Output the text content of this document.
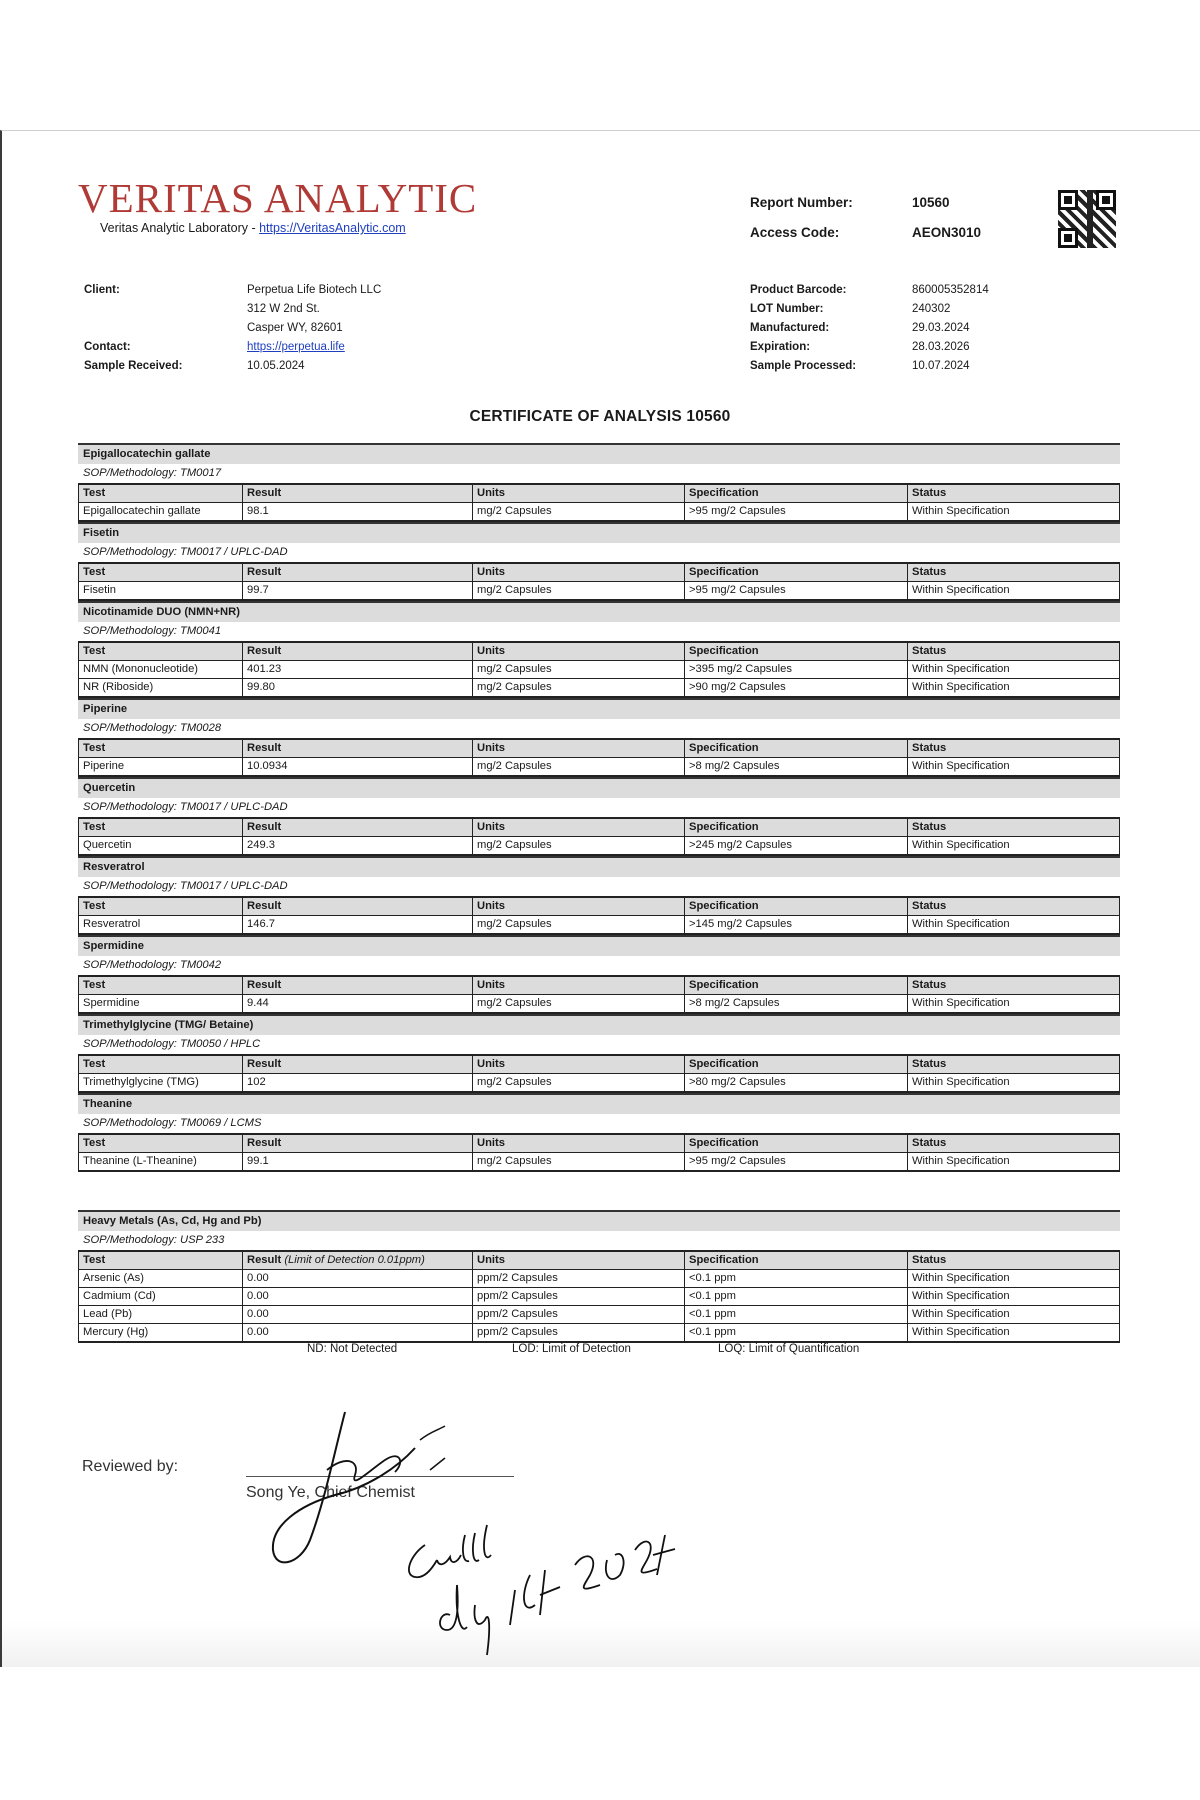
VERITAS ANALYTIC
Veritas Analytic Laboratory - https://VeritasAnalytic.com
Report Number:	10560
Access Code:	AEON3010
Client:	Perpetua Life Biotech LLC
312 W 2nd St.
Casper WY, 82601
Contact:	https://perpetua.life
Sample Received:	10.05.2024
Product Barcode:	860005352814
LOT Number:	240302
Manufactured:	29.03.2024
Expiration:	28.03.2026
Sample Processed:	10.07.2024
CERTIFICATE OF ANALYSIS 10560
Epigallocatechin gallate
SOP/Methodology: TM0017
Test	Result	Units	Specification	Status
Epigallocatechin gallate	98.1	mg/2 Capsules	>95 mg/2 Capsules	Within Specification
Fisetin
SOP/Methodology: TM0017 / UPLC-DAD
Test	Result	Units	Specification	Status
Fisetin	99.7	mg/2 Capsules	>95 mg/2 Capsules	Within Specification
Nicotinamide DUO (NMN+NR)
SOP/Methodology: TM0041
Test	Result	Units	Specification	Status
NMN (Mononucleotide)	401.23	mg/2 Capsules	>395 mg/2 Capsules	Within Specification
NR (Riboside)	99.80	mg/2 Capsules	>90 mg/2 Capsules	Within Specification
Piperine
SOP/Methodology: TM0028
Test	Result	Units	Specification	Status
Piperine	10.0934	mg/2 Capsules	>8 mg/2 Capsules	Within Specification
Quercetin
SOP/Methodology: TM0017 / UPLC-DAD
Test	Result	Units	Specification	Status
Quercetin	249.3	mg/2 Capsules	>245 mg/2 Capsules	Within Specification
Resveratrol
SOP/Methodology: TM0017 / UPLC-DAD
Test	Result	Units	Specification	Status
Resveratrol	146.7	mg/2 Capsules	>145 mg/2 Capsules	Within Specification
Spermidine
SOP/Methodology: TM0042
Test	Result	Units	Specification	Status
Spermidine	9.44	mg/2 Capsules	>8 mg/2 Capsules	Within Specification
Trimethylglycine (TMG/ Betaine)
SOP/Methodology: TM0050 / HPLC
Test	Result	Units	Specification	Status
Trimethylglycine (TMG)	102	mg/2 Capsules	>80 mg/2 Capsules	Within Specification
Theanine
SOP/Methodology: TM0069 / LCMS
Test	Result	Units	Specification	Status
Theanine (L-Theanine)	99.1	mg/2 Capsules	>95 mg/2 Capsules	Within Specification
Heavy Metals (As, Cd, Hg and Pb)
SOP/Methodology: USP 233
Test	Result (Limit of Detection 0.01ppm)	Units	Specification	Status
Arsenic (As)	0.00	ppm/2 Capsules	<0.1 ppm	Within Specification
Cadmium (Cd)	0.00	ppm/2 Capsules	<0.1 ppm	Within Specification
Lead (Pb)	0.00	ppm/2 Capsules	<0.1 ppm	Within Specification
Mercury (Hg)	0.00	ppm/2 Capsules	<0.1 ppm	Within Specification
ND: Not Detected	LOD: Limit of Detection	LOQ: Limit of Quantification
Reviewed by:
Song Ye, Chief Chemist
